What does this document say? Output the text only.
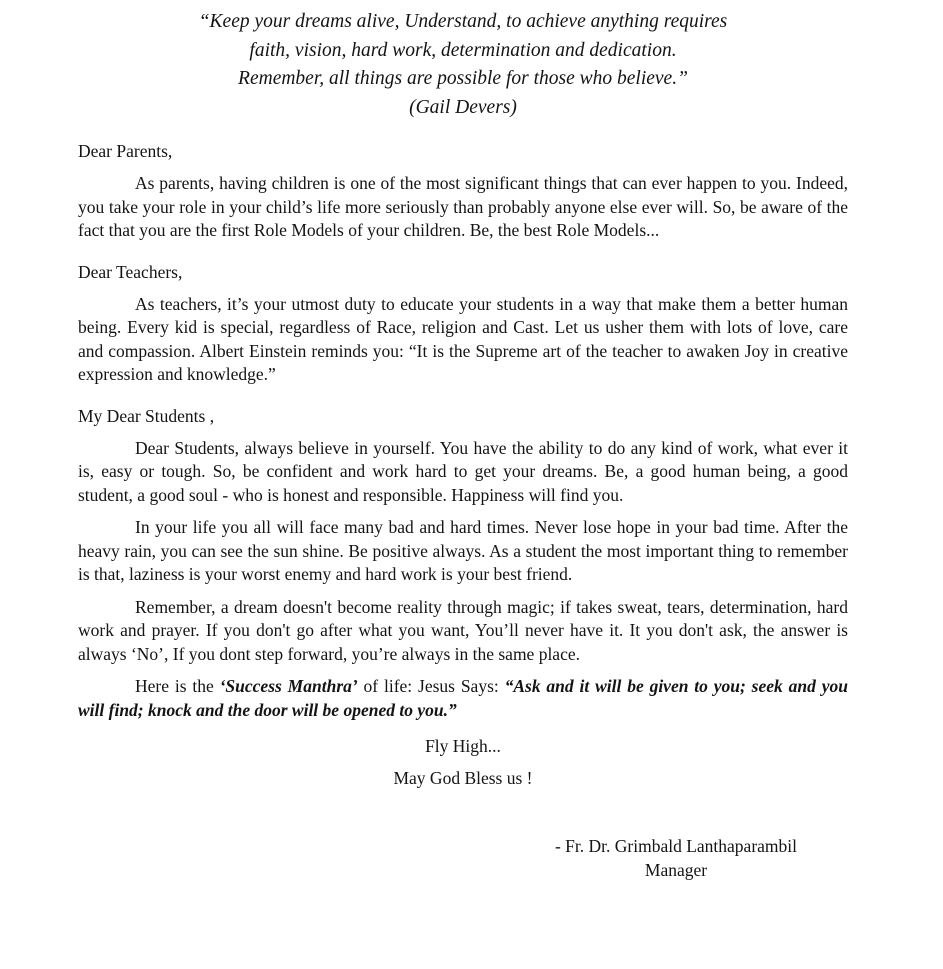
“Keep your dreams alive, Understand, to achieve anything requires
faith, vision, hard work, determination and dedication.
Remember, all things are possible for those who believe.”
(Gail Devers)
Dear Parents,

As parents, having children is one of the most significant things that can ever happen to you. Indeed, you take your role in your child’s life more seriously than probably anyone else ever will. So, be aware of the fact that you are the first Role Models of your children. Be, the best Role Models...

Dear Teachers,

As teachers, it’s your utmost duty to educate your students in a way that make them a better human being. Every kid is special, regardless of Race, religion and Cast. Let us usher them with lots of love, care and compassion. Albert Einstein reminds you: “It is the Supreme art of the teacher to awaken Joy in creative expression and knowledge.”

My Dear Students ,

Dear Students, always believe in yourself. You have the ability to do any kind of work, what ever it is, easy or tough. So, be confident and work hard to get your dreams. Be, a good human being, a good student, a good soul - who is honest and responsible. Happiness will find you.

In your life you all will face many bad and hard times. Never lose hope in your bad time. After the heavy rain, you can see the sun shine. Be positive always. As a student the most important thing to remember is that, laziness is your worst enemy and hard work is your best friend.

Remember, a dream doesn't become reality through magic; if takes sweat, tears, determination, hard work and prayer. If you don't go after what you want, You’ll never have it. It you don't ask, the answer is always ‘No’, If you dont step forward, you’re always in the same place.

Here is the ‘Success Manthra’ of life: Jesus Says: “Ask and it will be given to you; seek and you will find; knock and the door will be opened to you.”

Fly High...
May God Bless us !
- Fr. Dr. Grimbald Lanthaparambil
Manager
